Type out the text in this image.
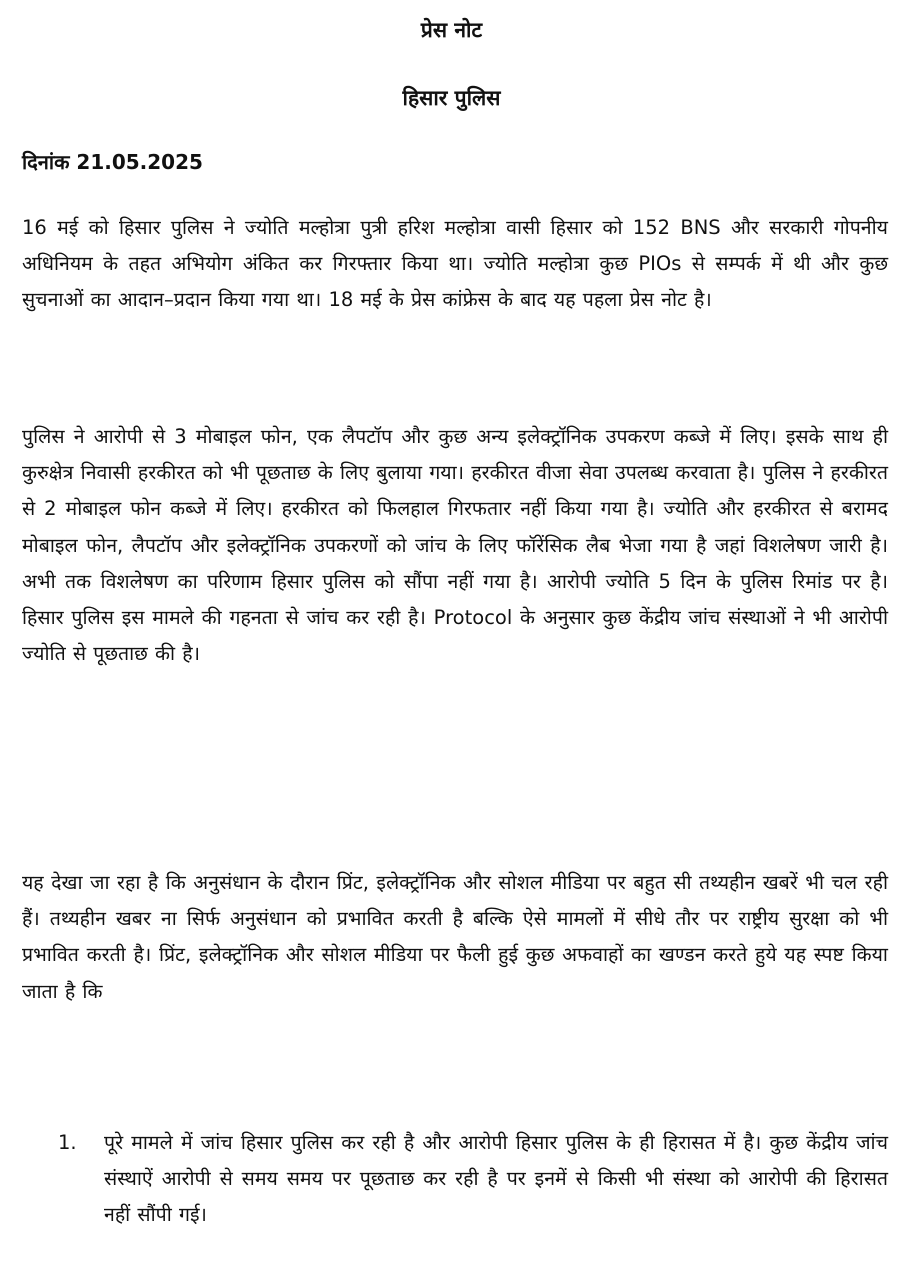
प्रेस नोट
हिसार पुलिस

दिनांक 21.05.2025

16 मई को हिसार पुलिस ने ज्योति मल्होत्रा पुत्री हरिश मल्होत्रा वासी हिसार को 152 BNS और सरकारी गोपनीय अधिनियम के तहत अभियोग अंकित कर गिरफ्तार किया था। ज्योति मल्होत्रा कुछ PIOs से सम्पर्क में थी और कुछ सुचनाओं का आदान–प्रदान किया गया था। 18 मई के प्रेस कांफ्रेस के बाद यह पहला प्रेस नोट है।

पुलिस ने आरोपी से 3 मोबाइल फोन, एक लैपटॉप और कुछ अन्य इलेक्ट्रॉनिक उपकरण कब्जे में लिए। इसके साथ ही कुरुक्षेत्र निवासी हरकीरत को भी पूछताछ के लिए बुलाया गया। हरकीरत वीजा सेवा उपलब्ध करवाता है। पुलिस ने हरकीरत से 2 मोबाइल फोन कब्जे में लिए। हरकीरत को फिलहाल गिरफतार नहीं किया गया है। ज्योति और हरकीरत से बरामद मोबाइल फोन, लैपटॉप और इलेक्ट्रॉनिक उपकरणों को जांच के लिए फॉरेंसिक लैब भेजा गया है जहां विशलेषण जारी है। अभी तक विशलेषण का परिणाम हिसार पुलिस को सौंपा नहीं गया है। आरोपी ज्योति 5 दिन के पुलिस रिमांड पर है। हिसार पुलिस इस मामले की गहनता से जांच कर रही है। Protocol के अनुसार कुछ केंद्रीय जांच संस्थाओं ने भी आरोपी ज्योति से पूछताछ की है।

यह देखा जा रहा है कि अनुसंधान के दौरान प्रिंट, इलेक्ट्रॉनिक और सोशल मीडिया पर बहुत सी तथ्यहीन खबरें भी चल रही हैं। तथ्यहीन खबर ना सिर्फ अनुसंधान को प्रभावित करती है बल्कि ऐसे मामलों में सीधे तौर पर राष्ट्रीय सुरक्षा को भी प्रभावित करती है। प्रिंट, इलेक्ट्रॉनिक और सोशल मीडिया पर फैली हुई कुछ अफवाहों का खण्डन करते हुये यह स्पष्ट किया जाता है कि

1. पूरे मामले में जांच हिसार पुलिस कर रही है और आरोपी हिसार पुलिस के ही हिरासत में है। कुछ केंद्रीय जांच संस्थाऐं आरोपी से समय समय पर पूछताछ कर रही है पर इनमें से किसी भी संस्था को आरोपी की हिरासत नहीं सौंपी गई।
